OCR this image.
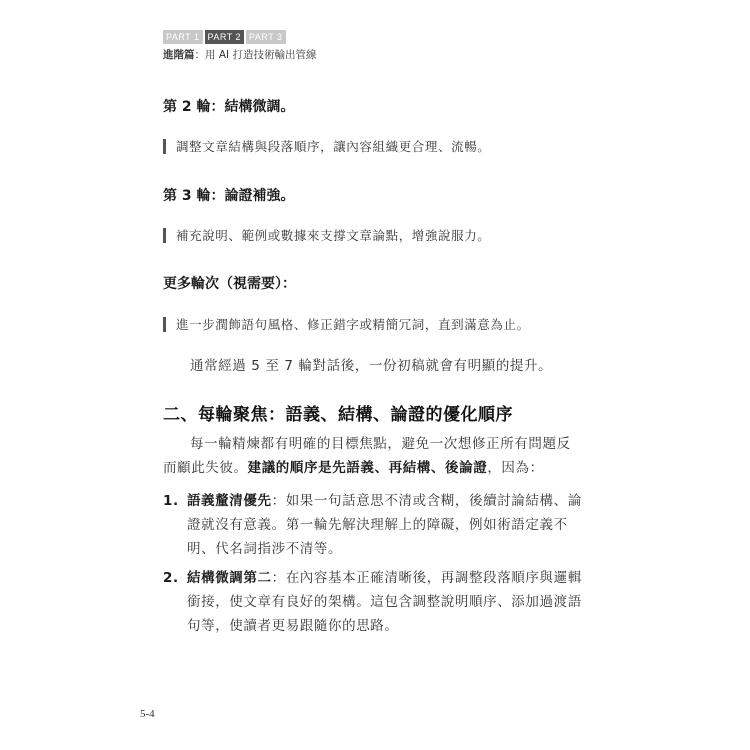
PART 1 PART 2 PART 3
進階篇：用 AI 打造技術輸出管線
第 2 輪：結構微調。
調整文章結構與段落順序，讓內容組織更合理、流暢。
第 3 輪：論證補強。
補充說明、範例或數據來支撐文章論點，增強說服力。
更多輪次（視需要）：
進一步潤飾語句風格、修正錯字或精簡冗詞，直到滿意為止。
通常經過 5 至 7 輪對話後，一份初稿就會有明顯的提升。
二、每輪聚焦：語義、結構、論證的優化順序
每一輪精煉都有明確的目標焦點，避免一次想修正所有問題反而顧此失彼。建議的順序是先語義、再結構、後論證，因為：
1. 語義釐清優先：如果一句話意思不清或含糊，後續討論結構、論證就沒有意義。第一輪先解決理解上的障礙，例如術語定義不明、代名詞指涉不清等。
2. 結構微調第二：在內容基本正確清晰後，再調整段落順序與邏輯銜接，使文章有良好的架構。這包含調整說明順序、添加過渡語句等，使讀者更易跟隨你的思路。
5-4
